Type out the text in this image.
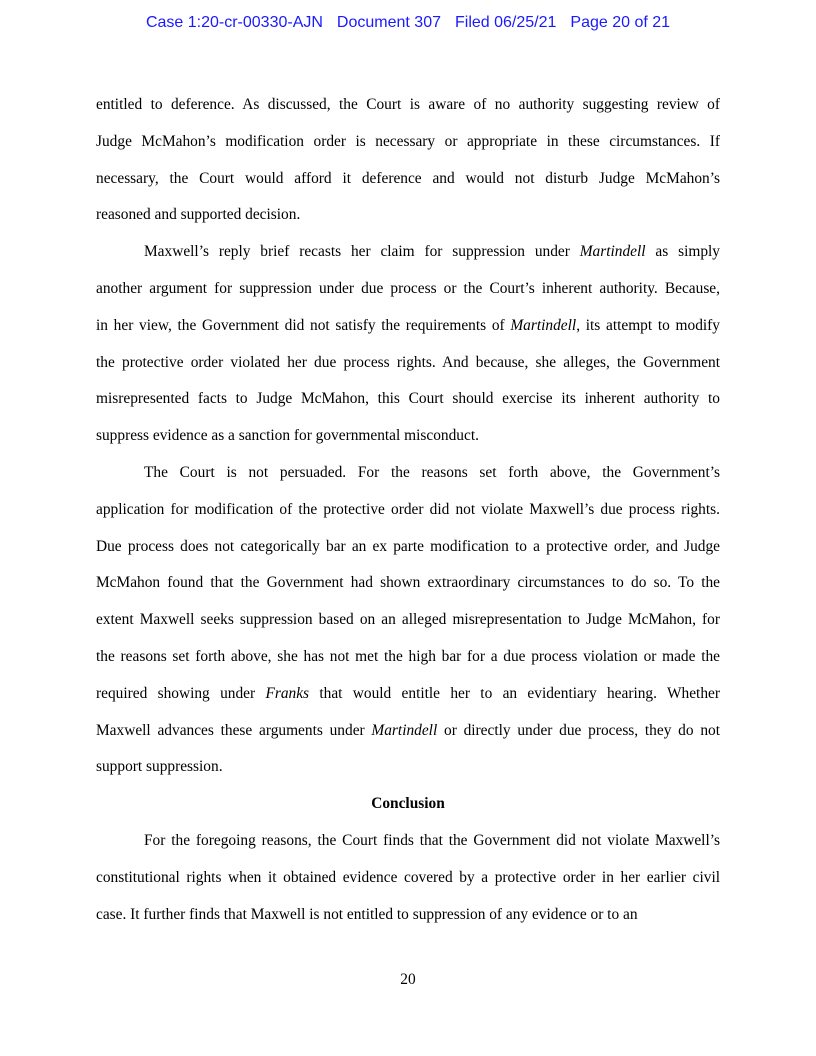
Case 1:20-cr-00330-AJN Document 307 Filed 06/25/21 Page 20 of 21

entitled to deference. As discussed, the Court is aware of no authority suggesting review of
Judge McMahon’s modification order is necessary or appropriate in these circumstances. If
necessary, the Court would afford it deference and would not disturb Judge McMahon’s
reasoned and supported decision.

Maxwell’s reply brief recasts her claim for suppression under Martindell as simply
another argument for suppression under due process or the Court’s inherent authority. Because,
in her view, the Government did not satisfy the requirements of Martindell, its attempt to modify
the protective order violated her due process rights. And because, she alleges, the Government
misrepresented facts to Judge McMahon, this Court should exercise its inherent authority to
suppress evidence as a sanction for governmental misconduct.

The Court is not persuaded. For the reasons set forth above, the Government’s
application for modification of the protective order did not violate Maxwell’s due process rights.
Due process does not categorically bar an ex parte modification to a protective order, and Judge
McMahon found that the Government had shown extraordinary circumstances to do so. To the
extent Maxwell seeks suppression based on an alleged misrepresentation to Judge McMahon, for
the reasons set forth above, she has not met the high bar for a due process violation or made the
required showing under Franks that would entitle her to an evidentiary hearing. Whether
Maxwell advances these arguments under Martindell or directly under due process, they do not
support suppression.

Conclusion

For the foregoing reasons, the Court finds that the Government did not violate Maxwell’s
constitutional rights when it obtained evidence covered by a protective order in her earlier civil
case. It further finds that Maxwell is not entitled to suppression of any evidence or to an

20
